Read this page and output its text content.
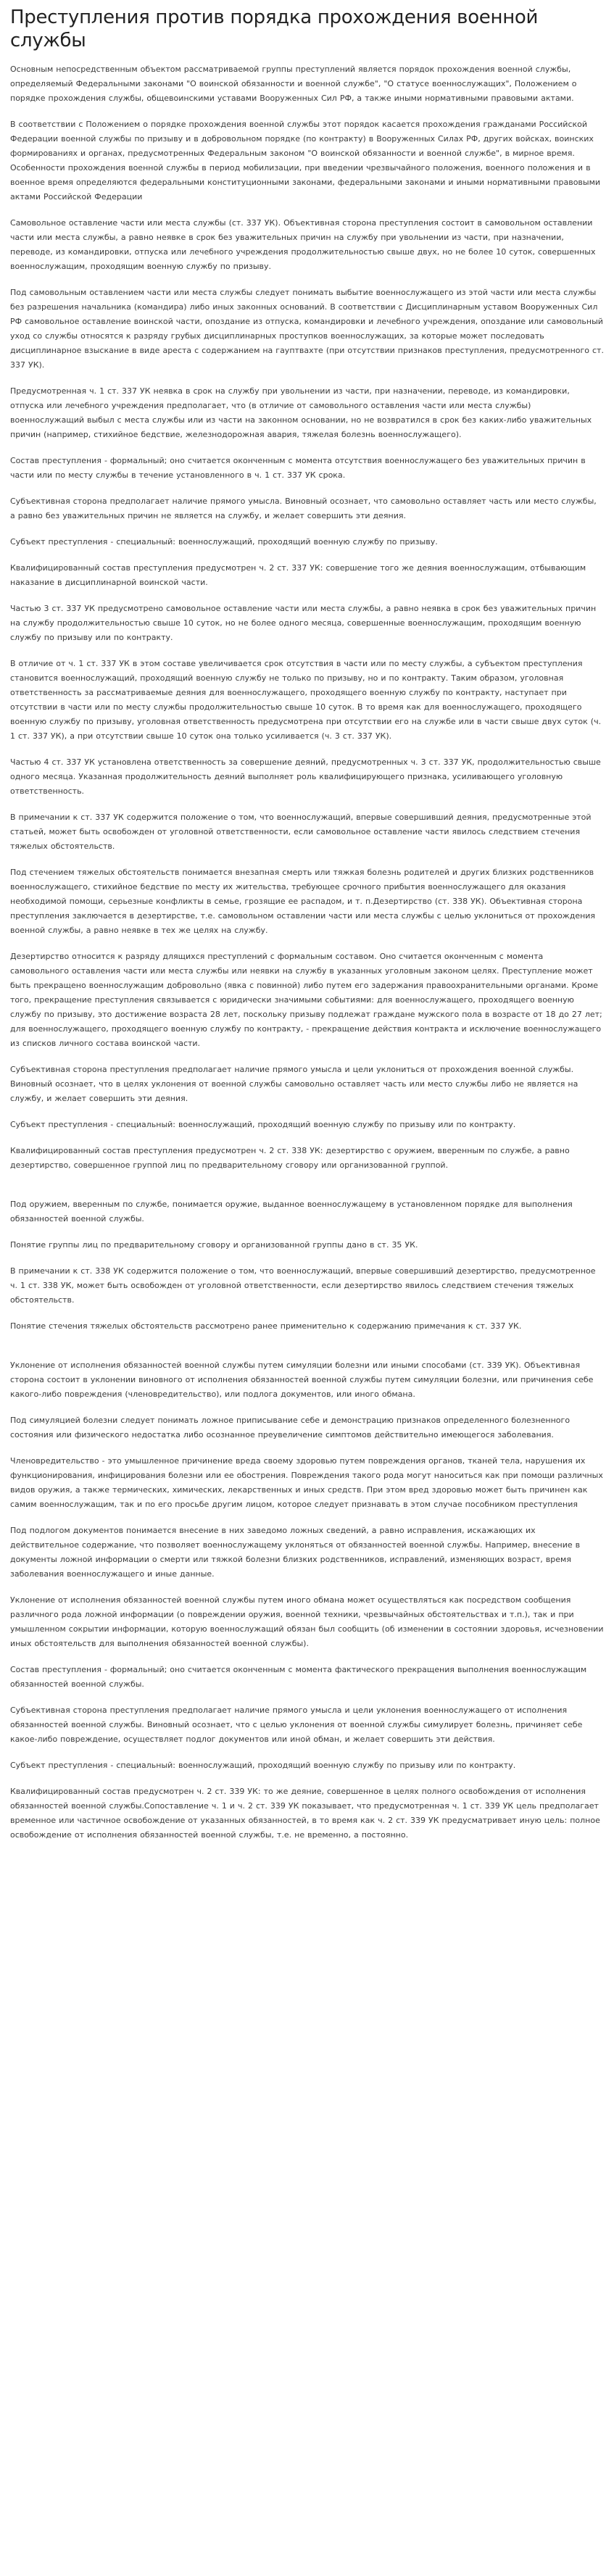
Преступления против порядка прохождения военной службы

Основным непосредственным объектом рассматриваемой группы преступлений является порядок прохождения военной службы, определяемый Федеральными законами "О воинской обязанности и военной службе", "О статусе военнослужащих", Положением о порядке прохождения службы, общевоинскими уставами Вооруженных Сил РФ, а также иными нормативными правовыми актами.

В соответствии с Положением о порядке прохождения военной службы этот порядок касается прохождения гражданами Российской Федерации военной службы по призыву и в добровольном порядке (по контракту) в Вооруженных Силах РФ, других войсках, воинских формированиях и органах, предусмотренных Федеральным законом "О воинской обязанности и военной службе", в мирное время. Особенности прохождения военной службы в период мобилизации, при введении чрезвычайного положения, военного положения и в военное время определяются федеральными конституционными законами, федеральными законами и иными нормативными правовыми актами Российской Федерации

Самовольное оставление части или места службы (ст. 337 УК). Объективная сторона преступления состоит в самовольном оставлении части или места службы, а равно неявке в срок без уважительных причин на службу при увольнении из части, при назначении, переводе, из командировки, отпуска или лечебного учреждения продолжительностью свыше двух, но не более 10 суток, совершенных военнослужащим, проходящим военную службу по призыву.

Под самовольным оставлением части или места службы следует понимать выбытие военнослужащего из этой части или места службы без разрешения начальника (командира) либо иных законных оснований. В соответствии с Дисциплинарным уставом Вооруженных Сил РФ самовольное оставление воинской части, опоздание из отпуска, командировки и лечебного учреждения, опоздание или самовольный уход со службы относятся к разряду грубых дисциплинарных проступков военнослужащих, за которые может последовать дисциплинарное взыскание в виде ареста с содержанием на гауптвахте (при отсутствии признаков преступления, предусмотренного ст. 337 УК).

Предусмотренная ч. 1 ст. 337 УК неявка в срок на службу при увольнении из части, при назначении, переводе, из командировки, отпуска или лечебного учреждения предполагает, что (в отличие от самовольного оставления части или места службы) военнослужащий выбыл с места службы или из части на законном основании, но не возвратился в срок без каких-либо уважительных причин (например, стихийное бедствие, железнодорожная авария, тяжелая болезнь военнослужащего).

Состав преступления - формальный; оно считается оконченным с момента отсутствия военнослужащего без уважительных причин в части или по месту службы в течение установленного в ч. 1 ст. 337 УК срока.

Субъективная сторона предполагает наличие прямого умысла. Виновный осознает, что самовольно оставляет часть или место службы, а равно без уважительных причин не является на службу, и желает совершить эти деяния.

Субъект преступления - специальный: военнослужащий, проходящий военную службу по призыву.

Квалифицированный состав преступления предусмотрен ч. 2 ст. 337 УК: совершение того же деяния военнослужащим, отбывающим наказание в дисциплинарной воинской части.

Частью 3 ст. 337 УК предусмотрено самовольное оставление части или места службы, а равно неявка в срок без уважительных причин на службу продолжительностью свыше 10 суток, но не более одного месяца, совершенные военнослужащим, проходящим военную службу по призыву или по контракту.

В отличие от ч. 1 ст. 337 УК в этом составе увеличивается срок отсутствия в части или по месту службы, а субъектом преступления становится военнослужащий, проходящий военную службу не только по призыву, но и по контракту. Таким образом, уголовная ответственность за рассматриваемые деяния для военнослужащего, проходящего военную службу по контракту, наступает при отсутствии в части или по месту службы продолжительностью свыше 10 суток. В то время как для военнослужащего, проходящего военную службу по призыву, уголовная ответственность предусмотрена при отсутствии его на службе или в части свыше двух суток (ч. 1 ст. 337 УК), а при отсутствии свыше 10 суток она только усиливается (ч. 3 ст. 337 УК).

Частью 4 ст. 337 УК установлена ответственность за совершение деяний, предусмотренных ч. 3 ст. 337 УК, продолжительностью свыше одного месяца. Указанная продолжительность деяний выполняет роль квалифицирующего признака, усиливающего уголовную ответственность.

В примечании к ст. 337 УК содержится положение о том, что военнослужащий, впервые совершивший деяния, предусмотренные этой статьей, может быть освобожден от уголовной ответственности, если самовольное оставление части явилось следствием стечения тяжелых обстоятельств.

Под стечением тяжелых обстоятельств понимается внезапная смерть или тяжкая болезнь родителей и других близких родственников военнослужащего, стихийное бедствие по месту их жительства, требующее срочного прибытия военнослужащего для оказания необходимой помощи, серьезные конфликты в семье, грозящие ее распадом, и т. п.Дезертирство (ст. 338 УК). Объективная сторона преступления заключается в дезертирстве, т.е. самовольном оставлении части или места службы с целью уклониться от прохождения военной службы, а равно неявке в тех же целях на службу.

Дезертирство относится к разряду длящихся преступлений с формальным составом. Оно считается оконченным с момента самовольного оставления части или места службы или неявки на службу в указанных уголовным законом целях. Преступление может быть прекращено военнослужащим добровольно (явка с повинной) либо путем его задержания правоохранительными органами. Кроме того, прекращение преступления связывается с юридически значимыми событиями: для военнослужащего, проходящего военную службу по призыву, это достижение возраста 28 лет, поскольку призыву подлежат граждане мужского пола в возрасте от 18 до 27 лет; для военнослужащего, проходящего военную службу по контракту, - прекращение действия контракта и исключение военнослужащего из списков личного состава воинской части.

Субъективная сторона преступления предполагает наличие прямого умысла и цели уклониться от прохождения военной службы. Виновный осознает, что в целях уклонения от военной службы самовольно оставляет часть или место службы либо не является на службу, и желает совершить эти деяния.

Субъект преступления - специальный: военнослужащий, проходящий военную службу по призыву или по контракту.

Квалифицированный состав преступления предусмотрен ч. 2 ст. 338 УК: дезертирство с оружием, вверенным по службе, а равно дезертирство, совершенное группой лиц по предварительному сговору или организованной группой.

Под оружием, вверенным по службе, понимается оружие, выданное военнослужащему в установленном порядке для выполнения обязанностей военной службы.

Понятие группы лиц по предварительному сговору и организованной группы дано в ст. 35 УК.

В примечании к ст. 338 УК содержится положение о том, что военнослужащий, впервые совершивший дезертирство, предусмотренное ч. 1 ст. 338 УК, может быть освобожден от уголовной ответственности, если дезертирство явилось следствием стечения тяжелых обстоятельств.

Понятие стечения тяжелых обстоятельств рассмотрено ранее применительно к содержанию примечания к ст. 337 УК.

Уклонение от исполнения обязанностей военной службы путем симуляции болезни или иными способами (ст. 339 УК). Объективная сторона состоит в уклонении виновного от исполнения обязанностей военной службы путем симуляции болезни, или причинения себе какого-либо повреждения (членовредительство), или подлога документов, или иного обмана.

Под симуляцией болезни следует понимать ложное приписывание себе и демонстрацию признаков определенного болезненного состояния или физического недостатка либо осознанное преувеличение симптомов действительно имеющегося заболевания.

Членовредительство - это умышленное причинение вреда своему здоровью путем повреждения органов, тканей тела, нарушения их функционирования, инфицирования болезни или ее обострения. Повреждения такого рода могут наноситься как при помощи различных видов оружия, а также термических, химических, лекарственных и иных средств. При этом вред здоровью может быть причинен как самим военнослужащим, так и по его просьбе другим лицом, которое следует признавать в этом случае пособником преступления

Под подлогом документов понимается внесение в них заведомо ложных сведений, а равно исправления, искажающих их действительное содержание, что позволяет военнослужащему уклоняться от обязанностей военной службы. Например, внесение в документы ложной информации о смерти или тяжкой болезни близких родственников, исправлений, изменяющих возраст, время заболевания военнослужащего и иные данные.

Уклонение от исполнения обязанностей военной службы путем иного обмана может осуществляться как посредством сообщения различного рода ложной информации (о повреждении оружия, военной техники, чрезвычайных обстоятельствах и т.п.), так и при умышленном сокрытии информации, которую военнослужащий обязан был сообщить (об изменении в состоянии здоровья, исчезновении иных обстоятельств для выполнения обязанностей военной службы).

Состав преступления - формальный; оно считается оконченным с момента фактического прекращения выполнения военнослужащим обязанностей военной службы.

Субъективная сторона преступления предполагает наличие прямого умысла и цели уклонения военнослужащего от исполнения обязанностей военной службы. Виновный осознает, что с целью уклонения от военной службы симулирует болезнь, причиняет себе какое-либо повреждение, осуществляет подлог документов или иной обман, и желает совершить эти действия.

Субъект преступления - специальный: военнослужащий, проходящий военную службу по призыву или по контракту.

Квалифицированный состав предусмотрен ч. 2 ст. 339 УК: то же деяние, совершенное в целях полного освобождения от исполнения обязанностей военной службы.Сопоставление ч. 1 и ч. 2 ст. 339 УК показывает, что предусмотренная ч. 1 ст. 339 УК цель предполагает временное или частичное освобождение от указанных обязанностей, в то время как ч. 2 ст. 339 УК предусматривает иную цель: полное освобождение от исполнения обязанностей военной службы, т.е. не временно, а постоянно.
